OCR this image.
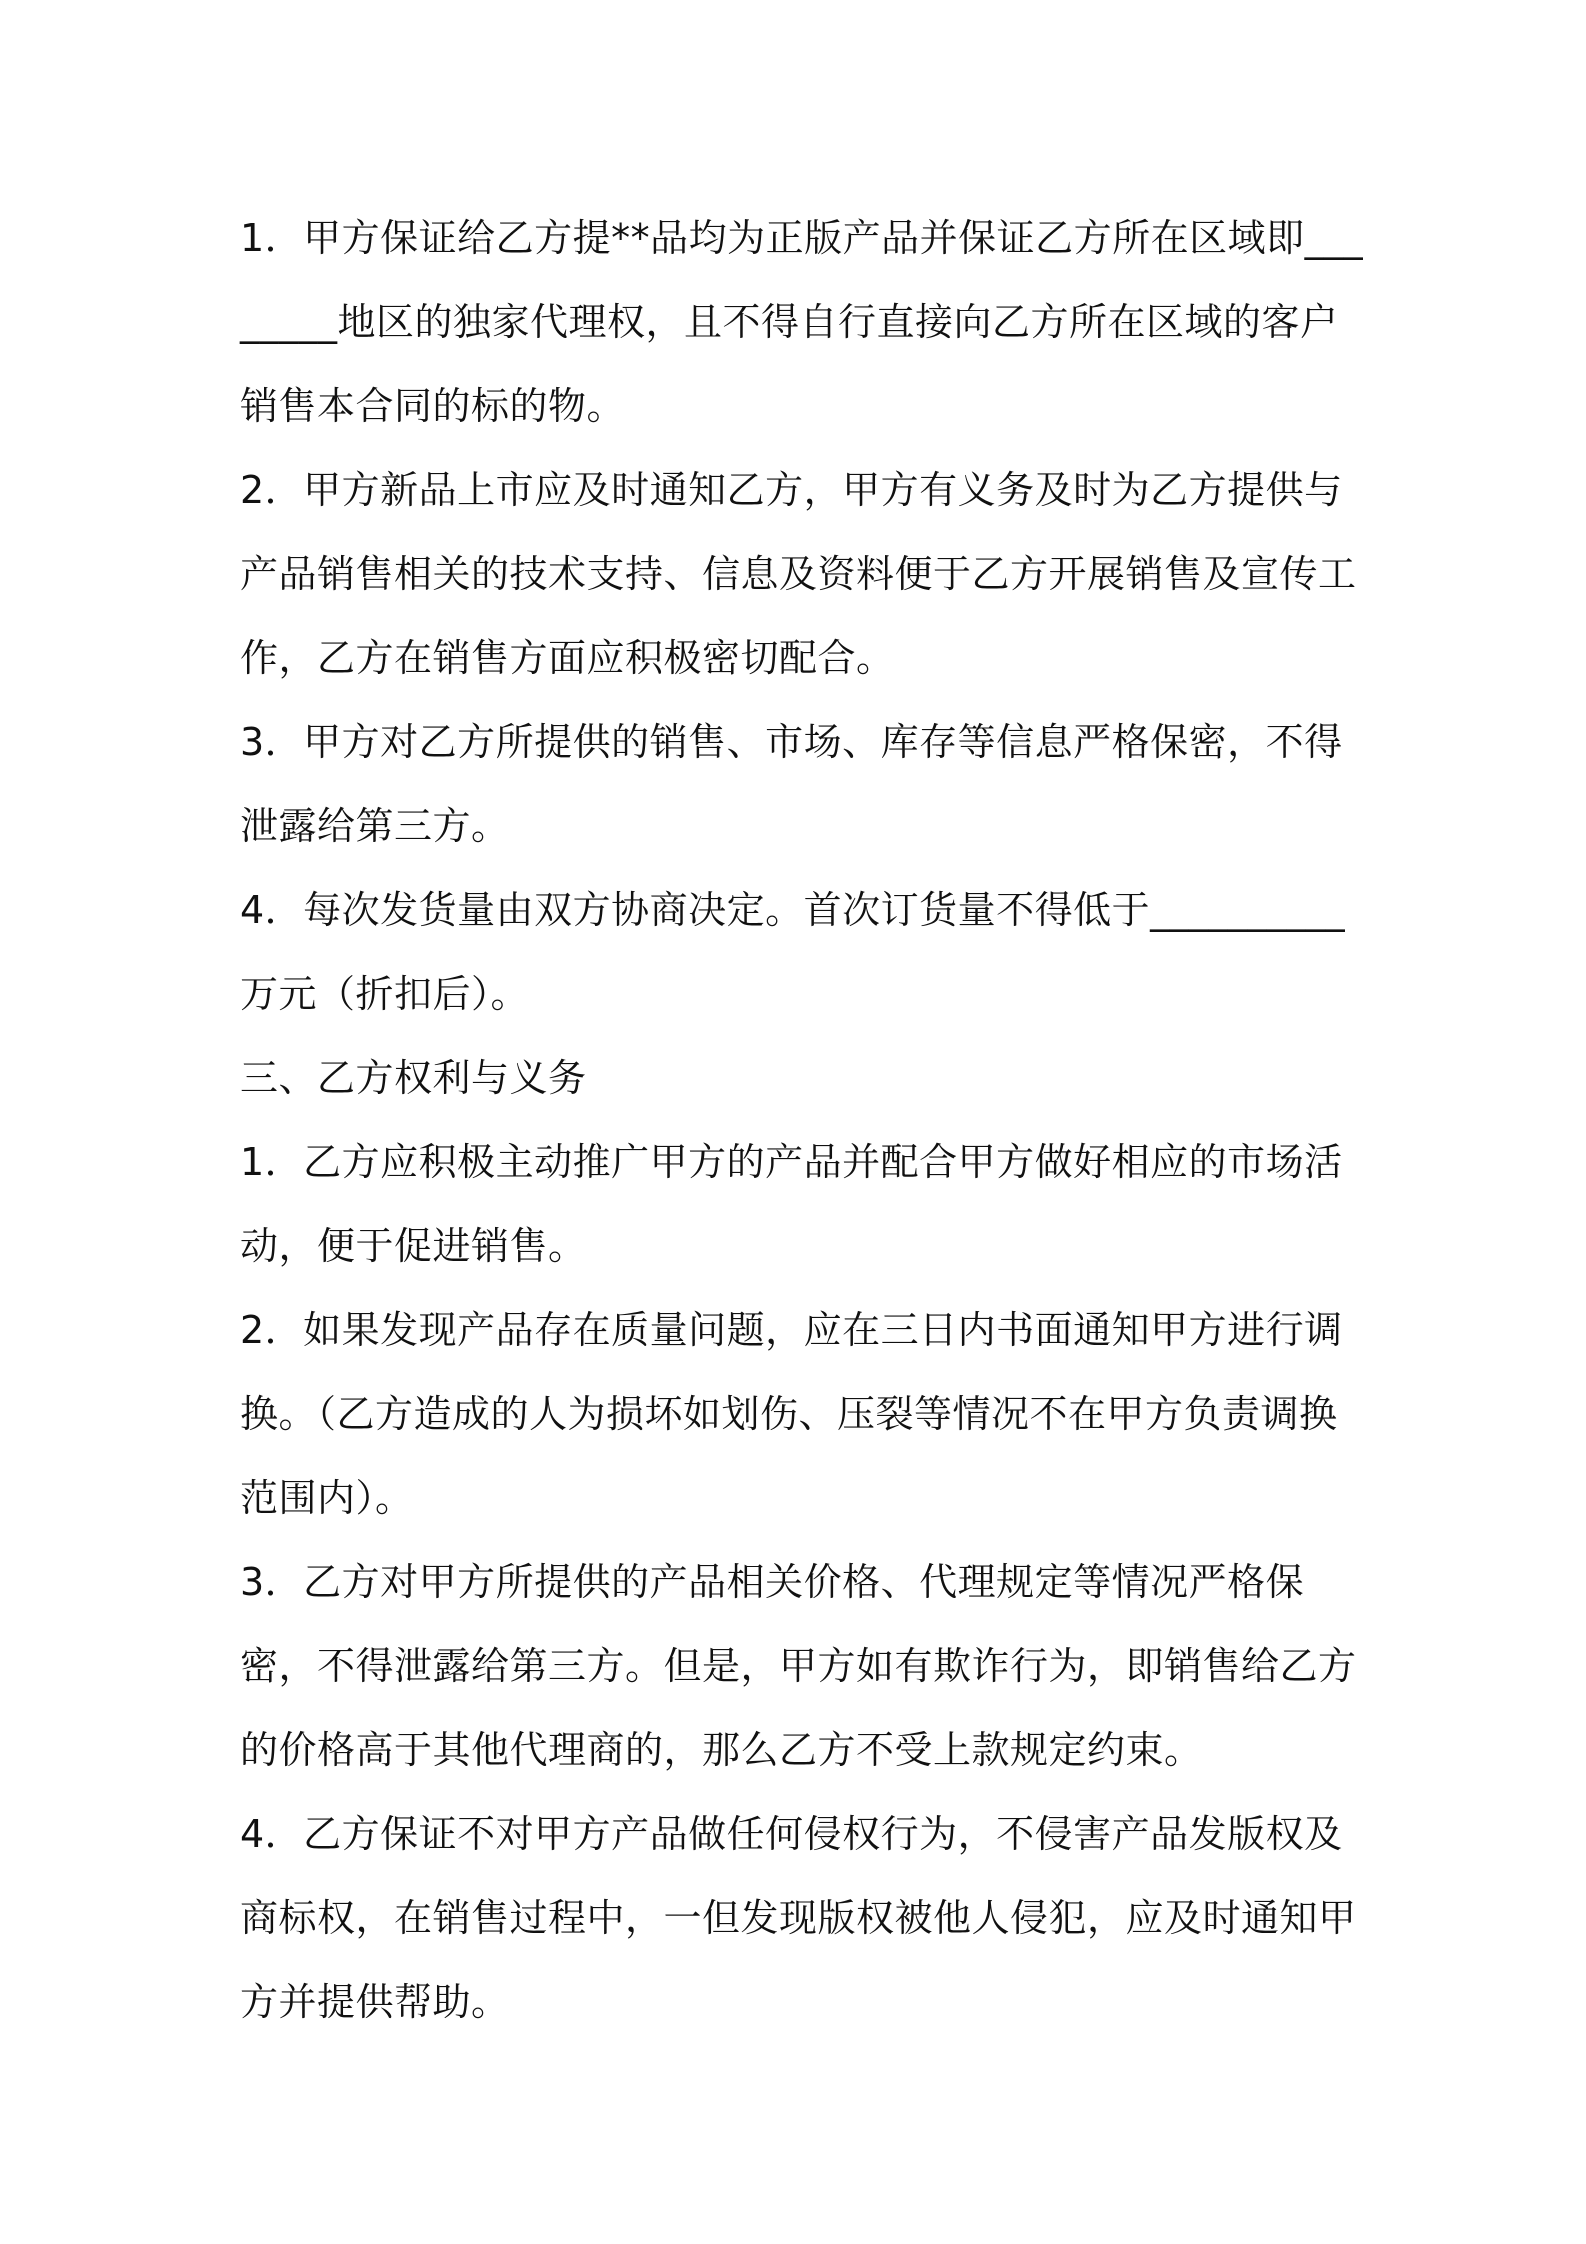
1．甲方保证给乙方提**品均为正版产品并保证乙方所在区域即________地区的独家代理权，且不得自行直接向乙方所在区域的客户销售本合同的标的物。

2．甲方新品上市应及时通知乙方，甲方有义务及时为乙方提供与产品销售相关的技术支持、信息及资料便于乙方开展销售及宣传工作，乙方在销售方面应积极密切配合。

3．甲方对乙方所提供的销售、市场、库存等信息严格保密，不得泄露给第三方。

4．每次发货量由双方协商决定。首次订货量不得低于__________万元（折扣后）。

三、乙方权利与义务

1．乙方应积极主动推广甲方的产品并配合甲方做好相应的市场活动，便于促进销售。

2．如果发现产品存在质量问题，应在三日内书面通知甲方进行调换。（乙方造成的人为损坏如划伤、压裂等情况不在甲方负责调换范围内）。

3．乙方对甲方所提供的产品相关价格、代理规定等情况严格保密，不得泄露给第三方。但是，甲方如有欺诈行为，即销售给乙方的价格高于其他代理商的，那么乙方不受上款规定约束。

4．乙方保证不对甲方产品做任何侵权行为，不侵害产品发版权及商标权，在销售过程中，一但发现版权被他人侵犯，应及时通知甲方并提供帮助。
